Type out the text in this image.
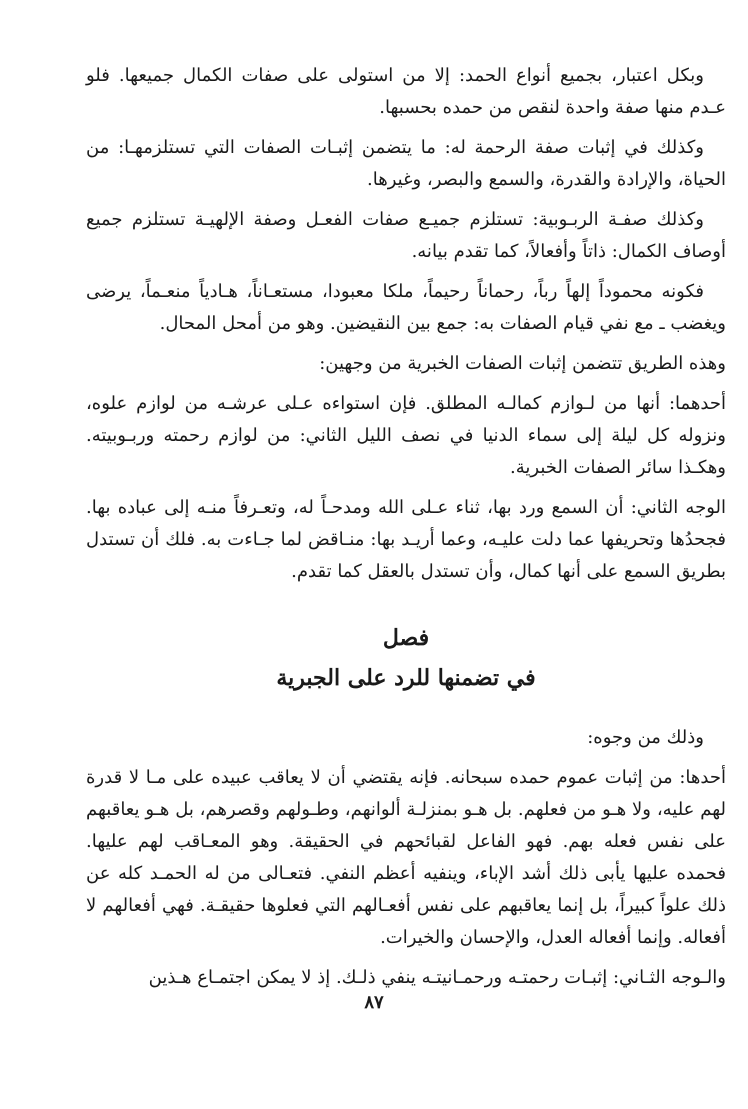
وبكل اعتبار، بجميع أنواع الحمد: إلا من استولى على صفات الكمال جميعها. فلو عـدم منها صفة واحدة لنقص من حمده بحسبها.

وكذلك في إثبات صفة الرحمة له: ما يتضمن إثبـات الصفات التي تستلزمهـا: من الحياة، والإرادة والقدرة، والسمع والبصر، وغيرها.

وكذلك صفـة الربـوبية: تستلزم جميـع صفات الفعـل وصفة الإلهيـة تستلزم جميع أوصاف الكمال: ذاتاً وأفعالاً، كما تقدم بيانه.

فكونه محموداً إلهاً رباً، رحماناً رحيماً، ملكا معبودا، مستعـاناً، هـادياً منعـماً، يرضى ويغضب ـ مع نفي قيام الصفات به: جمع بين النقيضين. وهو من أمحل المحال.

وهذه الطريق تتضمن إثبات الصفات الخبرية من وجهين:

أحدهما: أنها من لـوازم كمالـه المطلق. فإن استواءه عـلى عرشـه من لوازم علوه، ونزوله كل ليلة إلى سماء الدنيا في نصف الليل الثاني: من لوازم رحمته وربـوبيته. وهكـذا سائر الصفات الخبرية.

الوجه الثاني: أن السمع ورد بها، ثناء عـلى الله ومدحـاً له، وتعـرفاً منـه إلى عباده بها. فجحدُها وتحريفها عما دلت عليـه، وعما أريـد بها: منـاقض لما جـاءت به. فلك أن تستدل بطريق السمع على أنها كمال، وأن تستدل بالعقل كما تقدم.

فصل
في تضمنها للرد على الجبرية

وذلك من وجوه:

أحدها: من إثبات عموم حمده سبحانه. فإنه يقتضي أن لا يعاقب عبيده على مـا لا قدرة لهم عليه، ولا هـو من فعلهم. بل هـو بمنزلـة ألوانهم، وطـولهم وقصرهم، بل هـو يعاقبهم على نفس فعله بهم. فهو الفاعل لقبائحهم في الحقيقة. وهو المعـاقب لهم عليها. فحمده عليها يأبى ذلك أشد الإباء، وينفيه أعظم النفي. فتعـالى من له الحمـد كله عن ذلك علواً كبيراً، بل إنما يعاقبهم على نفس أفعـالهم التي فعلوها حقيقـة. فهي أفعالهم لا أفعاله. وإنما أفعاله العدل، والإحسان والخيرات.

والـوجه الثـاني: إثبـات رحمتـه ورحمـانيتـه ينفي ذلـك. إذ لا يمكن اجتمـاع هـذين

٨٧
